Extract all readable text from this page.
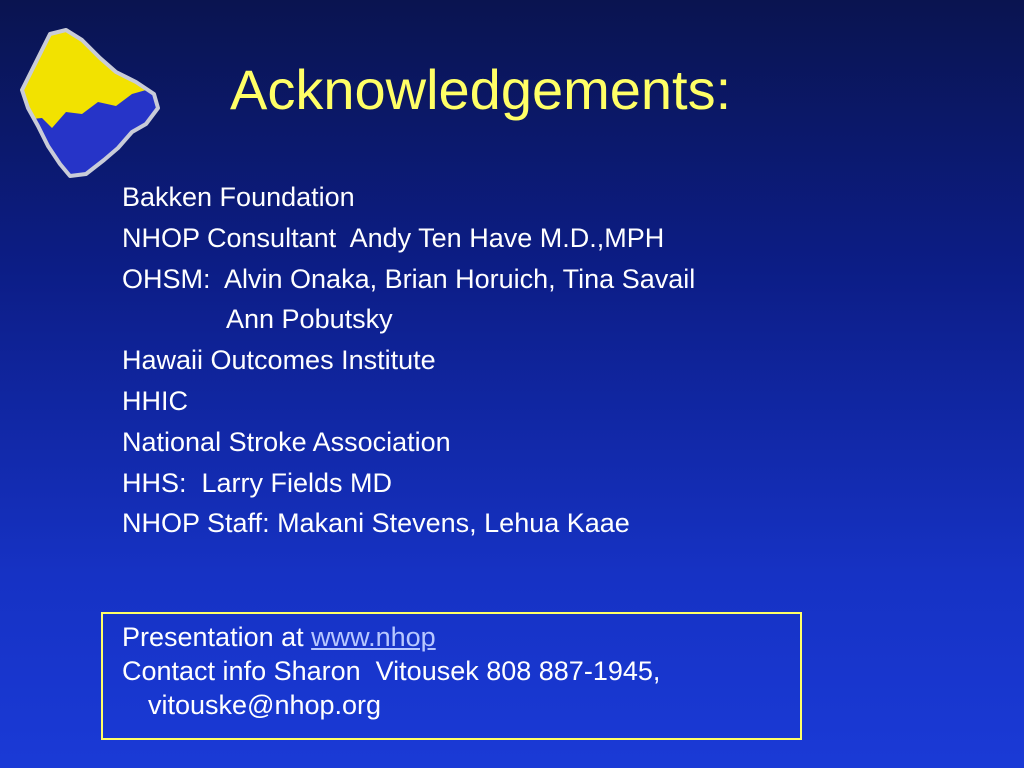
Acknowledgements:
Bakken Foundation
NHOP Consultant  Andy Ten Have M.D.,MPH
OHSM:  Alvin Onaka, Brian Horuich, Tina Savail
Ann Pobutsky
Hawaii Outcomes Institute
HHIC
National Stroke Association
HHS:  Larry Fields MD
NHOP Staff: Makani Stevens, Lehua Kaae
Presentation at www.nhop
Contact info Sharon  Vitousek 808 887-1945,
vitouske@nhop.org
